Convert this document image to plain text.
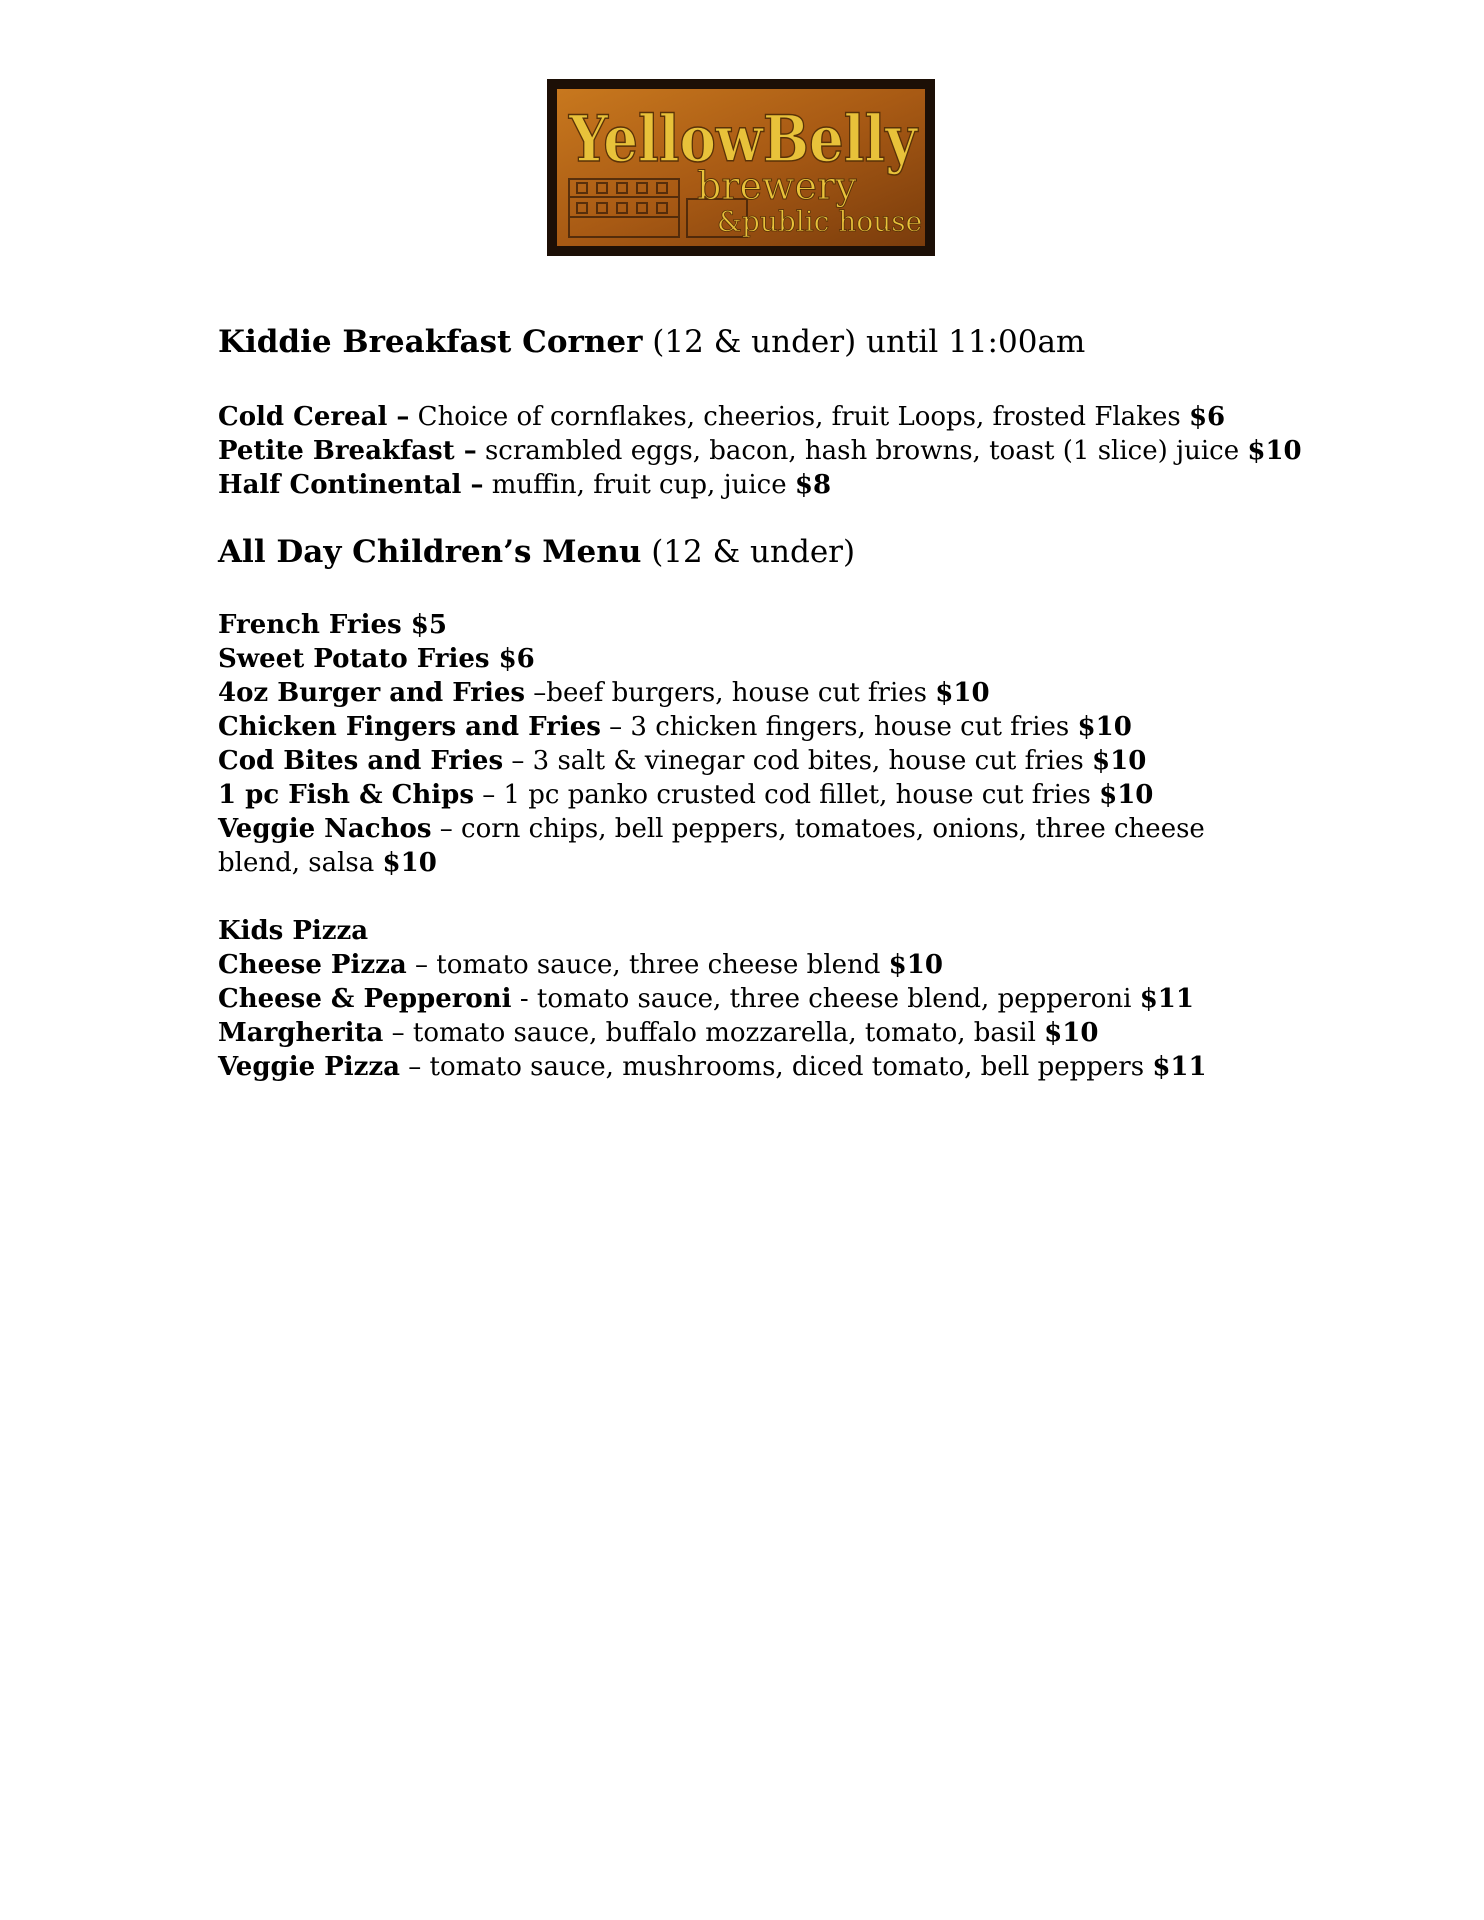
YellowBelly
brewery
&public house
Kiddie Breakfast Corner (12 & under) until 11:00am

Cold Cereal – Choice of cornflakes, cheerios, fruit Loops, frosted Flakes $6

Petite Breakfast – scrambled eggs, bacon, hash browns, toast (1 slice) juice $10

Half Continental – muffin, fruit cup, juice $8

All Day Children’s Menu (12 & under)

French Fries $5

Sweet Potato Fries $6

4oz Burger and Fries –beef burgers, house cut fries $10

Chicken Fingers and Fries – 3 chicken fingers, house cut fries $10

Cod Bites and Fries – 3 salt & vinegar cod bites, house cut fries $10

1 pc Fish & Chips – 1 pc panko crusted cod fillet, house cut fries $10

Veggie Nachos – corn chips, bell peppers, tomatoes, onions, three cheese blend, salsa $10

Kids Pizza

Cheese Pizza – tomato sauce, three cheese blend $10

Cheese & Pepperoni - tomato sauce, three cheese blend, pepperoni $11

Margherita – tomato sauce, buffalo mozzarella, tomato, basil $10

Veggie Pizza – tomato sauce, mushrooms, diced tomato, bell peppers $11
